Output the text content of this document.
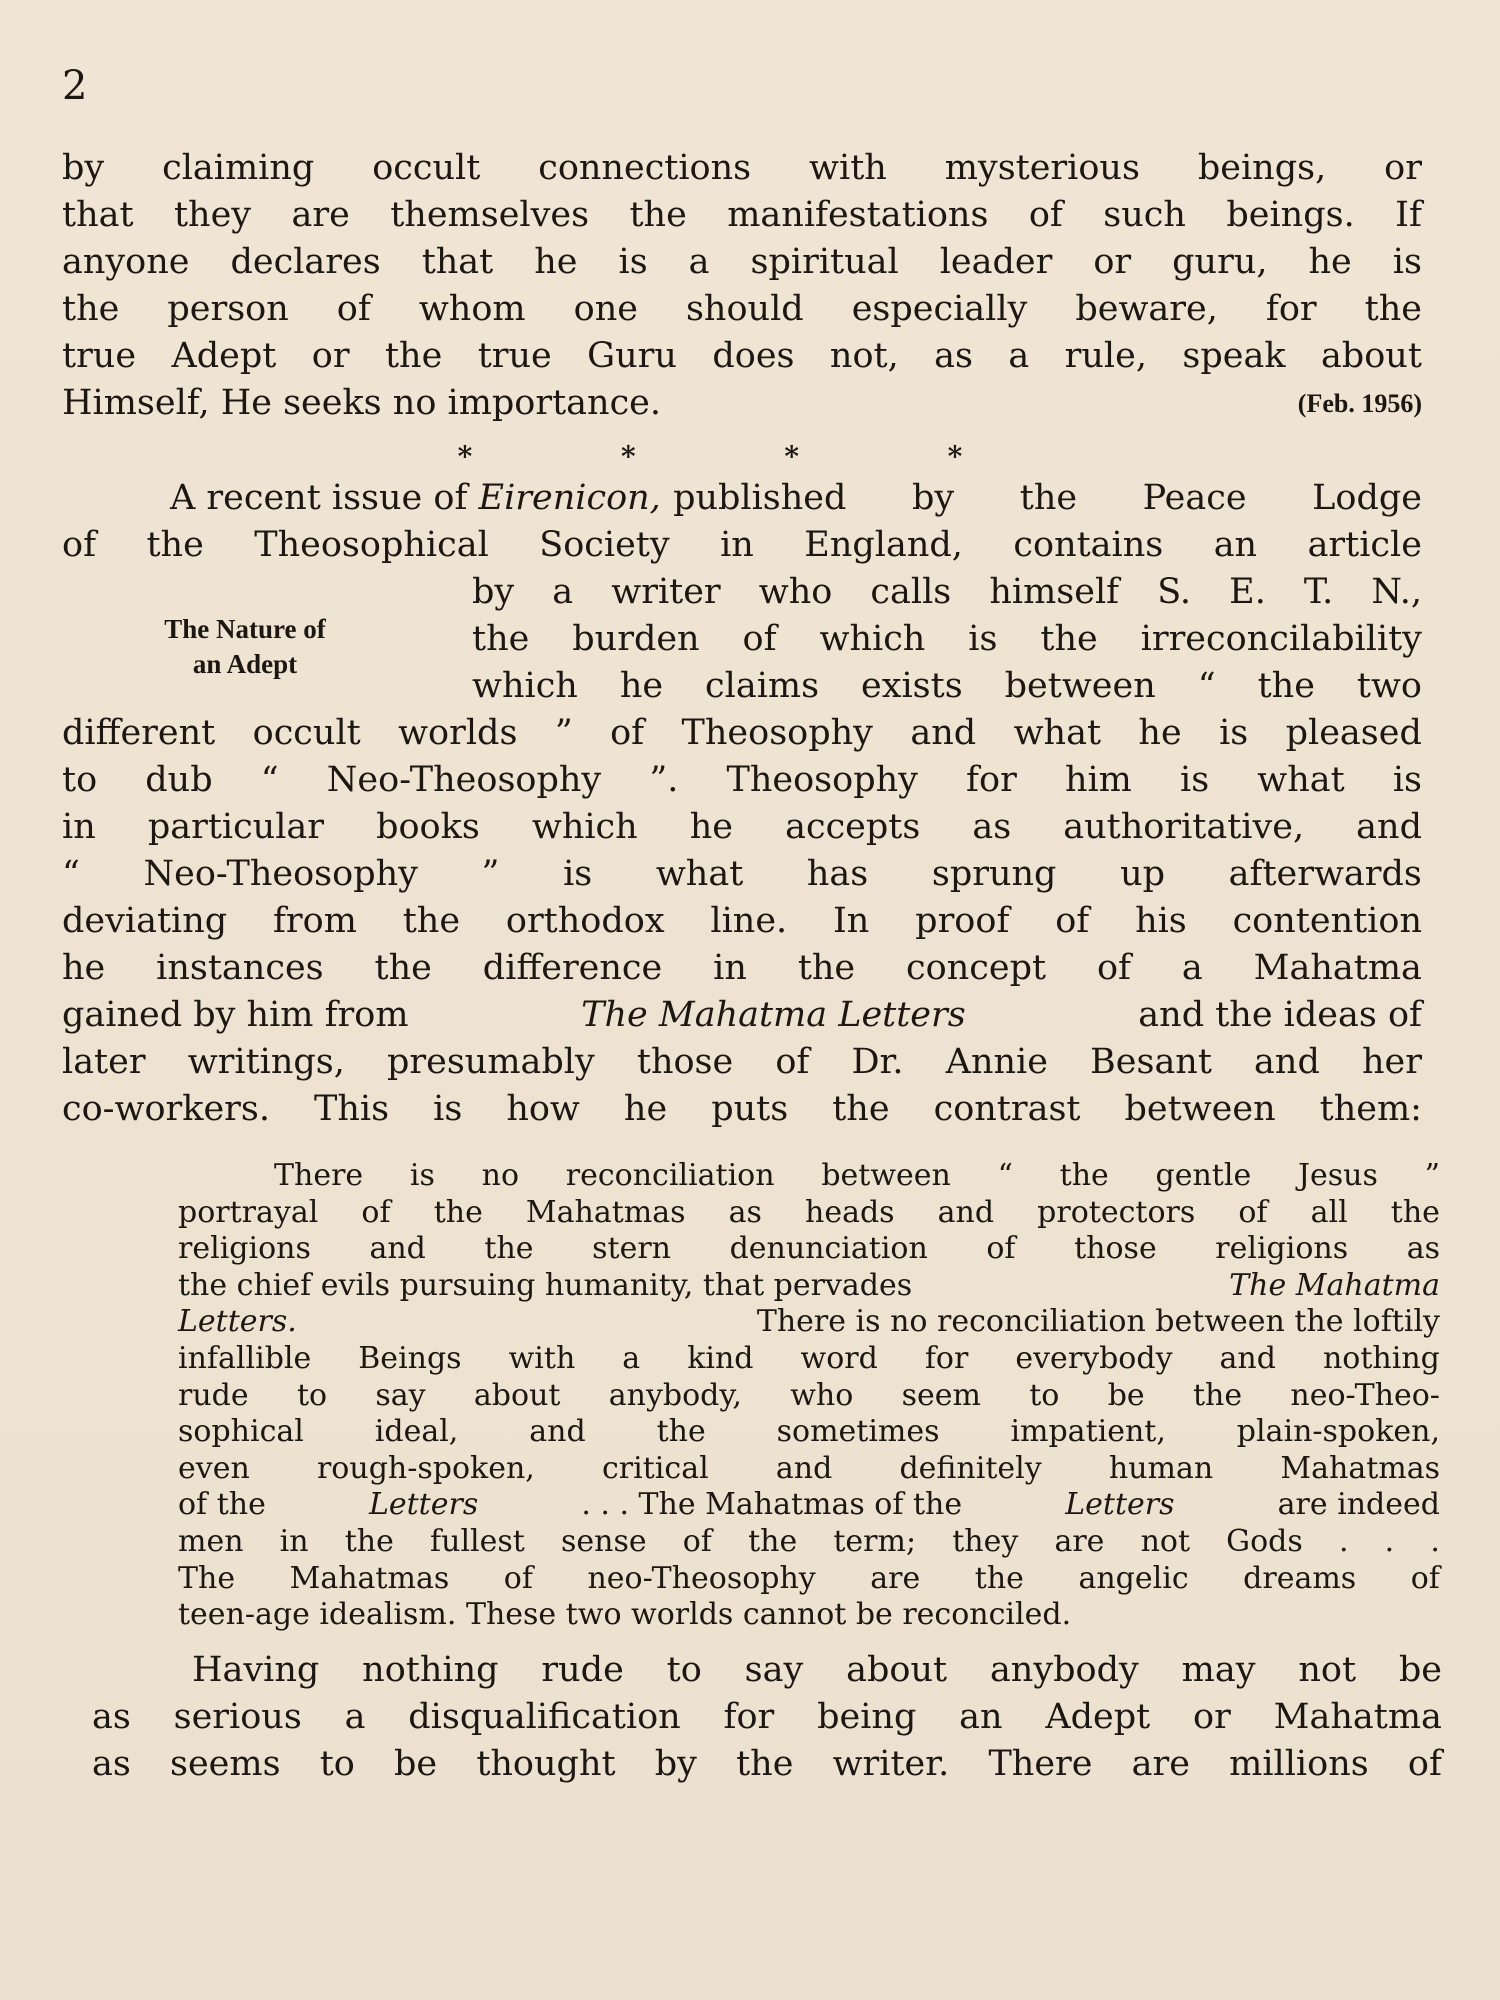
2
by claiming occult connections with mysterious beings, or
that they are themselves the manifestations of such beings. If
anyone declares that he is a spiritual leader or guru, he is
the person of whom one should especially beware, for the
true Adept or the true Guru does not, as a rule, speak about
Himself, He seeks no importance.	(Feb. 1956)
*	*	*	*
The Nature of
an Adept
A recent issue of Eirenicon, published by the Peace Lodge
of the Theosophical Society in England, contains an article
by a writer who calls himself S. E. T. N.,
the burden of which is the irreconcilability
which he claims exists between “ the two
different occult worlds ” of Theosophy and what he is pleased
to dub “ Neo-Theosophy ”. Theosophy for him is what is
in particular books which he accepts as authoritative, and
“ Neo-Theosophy ” is what has sprung up afterwards
deviating from the orthodox line. In proof of his contention
he instances the difference in the concept of a Mahatma
gained by him from	The Mahatma Letters	and the ideas of
later writings, presumably those of Dr. Annie Besant and her
co-workers. This is how he puts the contrast between them:
There is no reconciliation between “ the gentle Jesus ”
portrayal of the Mahatmas as heads and protectors of all the
religions and the stern denunciation of those religions as
the chief evils pursuing humanity, that pervades	The Mahatma
Letters.	There is no reconciliation between the loftily
infallible Beings with a kind word for everybody and nothing
rude to say about anybody, who seem to be the neo-Theo-
sophical ideal, and the sometimes impatient, plain-spoken,
even rough-spoken, critical and definitely human Mahatmas
of the	Letters	. . . The Mahatmas of the	Letters	are indeed
men in the fullest sense of the term; they are not Gods . . .
The Mahatmas of neo-Theosophy are the angelic dreams of
teen-age idealism. These two worlds cannot be reconciled.
Having nothing rude to say about anybody may not be
as serious a disqualification for being an Adept or Mahatma
as seems to be thought by the writer. There are millions of
